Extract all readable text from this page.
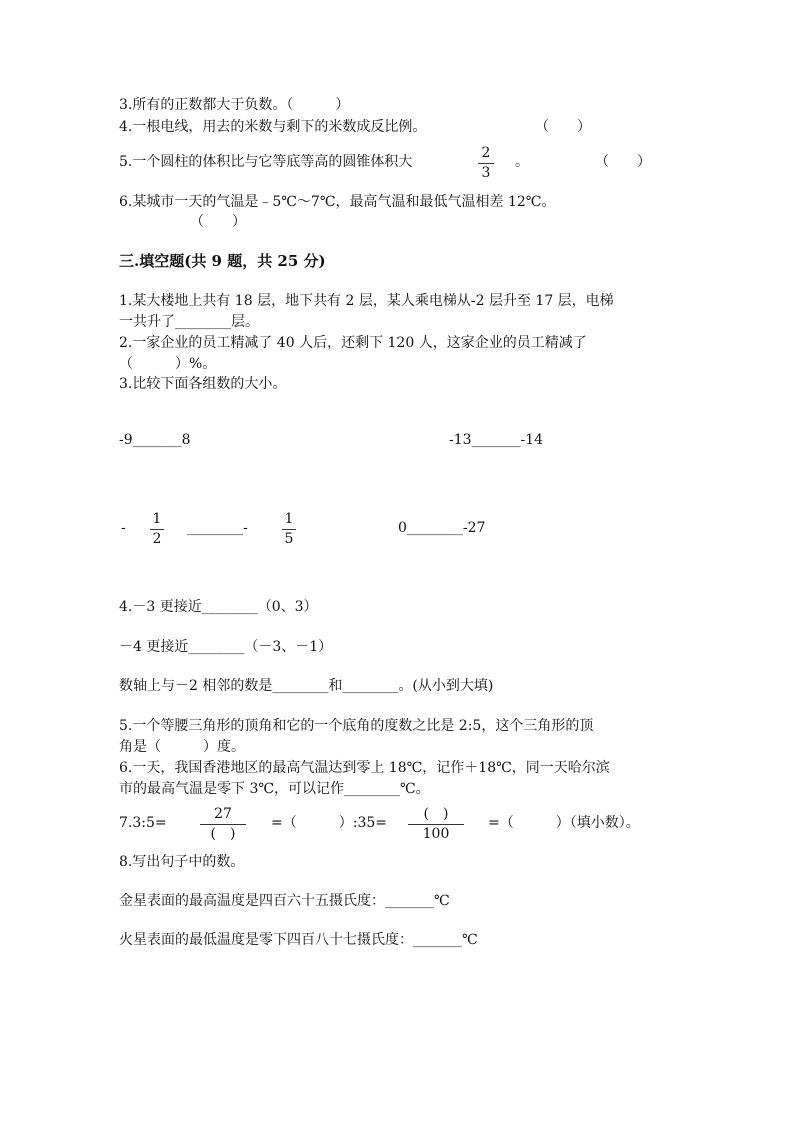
3.所有的正数都大于负数。（　　　）
4.一根电线，用去的米数与剩下的米数成反比例。	（　　）
5.一个圆柱的体积比与它等底等高的圆锥体积大
2
3
。	（　　）
6.某城市一天的气温是﹣5℃～7℃，最高气温和最低气温相差 12℃。
（　　）
三.填空题(共 9 题，共 25 分)
1.某大楼地上共有 18 层，地下共有 2 层，某人乘电梯从-2 层升至 17 层，电梯
一共升了________层。
2.一家企业的员工精减了 40 人后，还剩下 120 人，这家企业的员工精减了
（　　　）%。
3.比较下面各组数的大小。
-9_______8	-13_______-14
-
1
2
________-
1
5
0________-27
4.－3 更接近________（0、3）
－4 更接近________（－3、－1）
数轴上与－2 相邻的数是________和________。(从小到大填)
5.一个等腰三角形的顶角和它的一个底角的度数之比是 2:5，这个三角形的顶
角是（　　　）度。
6.一天，我国香港地区的最高气温达到零上 18℃，记作＋18℃，同一天哈尔滨
市的最高气温是零下 3℃，可以记作________℃。
7.3:5=
27
(　)
=（　　　）:35=
(　)
100
=（　　　）（填小数）。
8.写出句子中的数。
金星表面的最高温度是四百六十五摄氏度：_______℃
火星表面的最低温度是零下四百八十七摄氏度：_______℃
